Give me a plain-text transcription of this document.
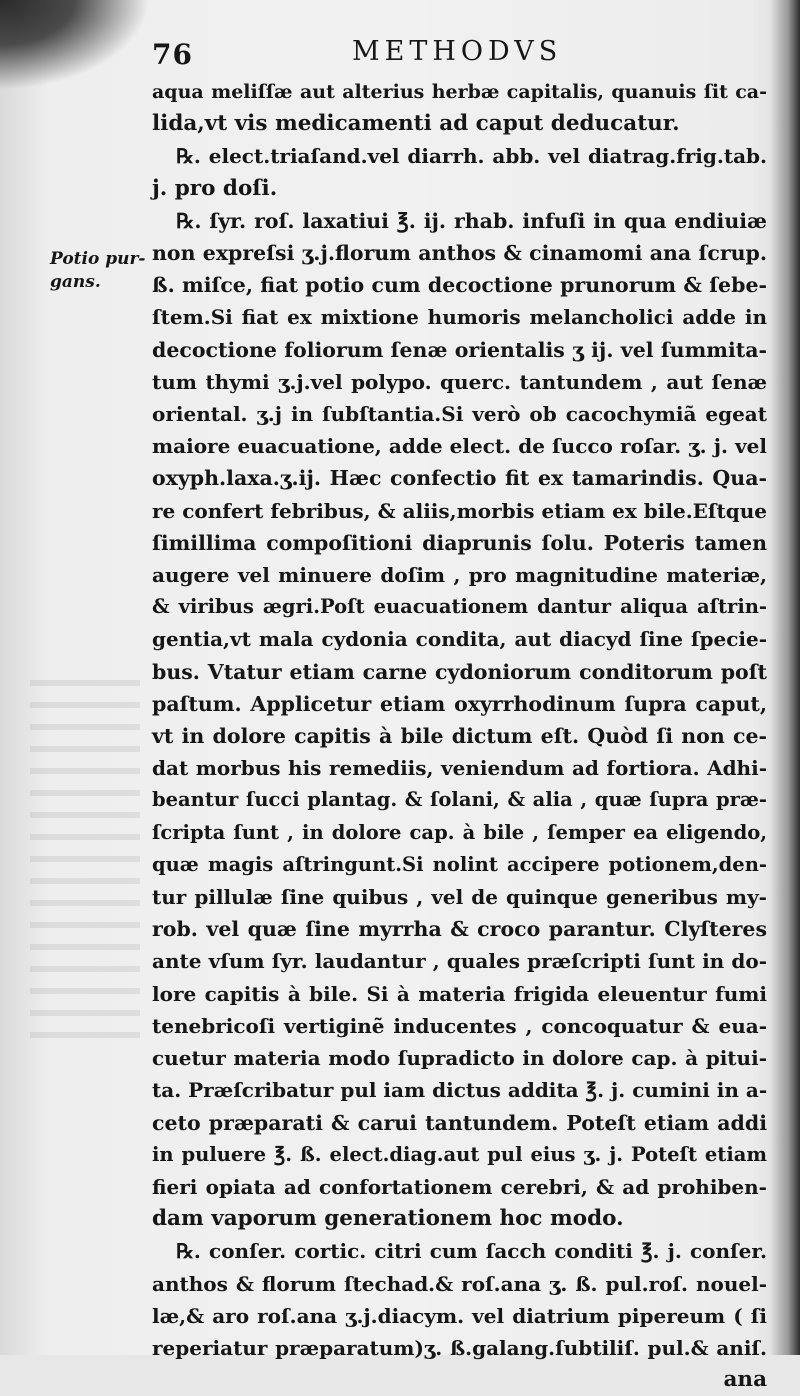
76	METHODVS
Potio pur-
gans.
aqua meliſſæ aut alterius herbæ capitalis, quanuis ſit ca-
lida,vt vis medicamenti ad caput deducatur.
℞. elect.triaſand.vel diarrh. abb. vel diatrag.frig.tab.
j. pro doſi.
℞. ſyr. roſ. laxatiui ℥. ij. rhab. infuſi in qua endiuiæ
non expreſsi ʒ.j.florum anthos & cinamomi ana ſcrup.
ß. miſce, fiat potio cum decoctione prunorum & ſebe-
ſtem.Si fiat ex mixtione humoris melancholici adde in
decoctione foliorum ſenæ orientalis ʒ ij. vel ſummita-
tum thymi ʒ.j.vel polypo. querc. tantundem , aut ſenæ
oriental. ʒ.j in ſubſtantia.Si verò ob cacochymiã egeat
maiore euacuatione, adde elect. de ſucco roſar. ʒ. j. vel
oxyph.laxa.ʒ.ij. Hæc confectio fit ex tamarindis. Qua-
re confert febribus, & aliis,morbis etiam ex bile.Eſtque
ſimillima compoſitioni diaprunis ſolu. Poteris tamen
augere vel minuere doſim , pro magnitudine materiæ,
& viribus ægri.Poſt euacuationem dantur aliqua aſtrin-
gentia,vt mala cydonia condita, aut diacyd ſine ſpecie-
bus. Vtatur etiam carne cydoniorum conditorum poſt
paſtum. Applicetur etiam oxyrrhodinum ſupra caput,
vt in dolore capitis à bile dictum eſt. Quòd ſi non ce-
dat morbus his remediis, veniendum ad fortiora. Adhi-
beantur ſucci plantag. & ſolani, & alia , quæ ſupra præ-
ſcripta ſunt , in dolore cap. à bile , ſemper ea eligendo,
quæ magis aſtringunt.Si nolint accipere potionem,den-
tur pillulæ ſine quibus , vel de quinque generibus my-
rob. vel quæ ſine myrrha & croco parantur. Clyſteres
ante vſum ſyr. laudantur , quales præſcripti ſunt in do-
lore capitis à bile. Si à materia frigida eleuentur fumi
tenebricoſi vertiginẽ inducentes , concoquatur & eua-
cuetur materia modo ſupradicto in dolore cap. à pitui-
ta. Præſcribatur pul iam dictus addita ℥. j. cumini in a-
ceto præparati & carui tantundem. Poteſt etiam addi
in puluere ℥. ß. elect.diag.aut pul eius ʒ. j. Poteſt etiam
fieri opiata ad confortationem cerebri, & ad prohiben-
dam vaporum generationem hoc modo.
℞. conſer. cortic. citri cum ſacch conditi ℥. j. conſer.
anthos & florum ſtechad.& roſ.ana ʒ. ß. pul.roſ. nouel-
læ,& aro roſ.ana ʒ.j.diacym. vel diatrium pipereum ( ſi
reperiatur præparatum)ʒ. ß.galang.ſubtiliſ. pul.& aniſ.
ana
